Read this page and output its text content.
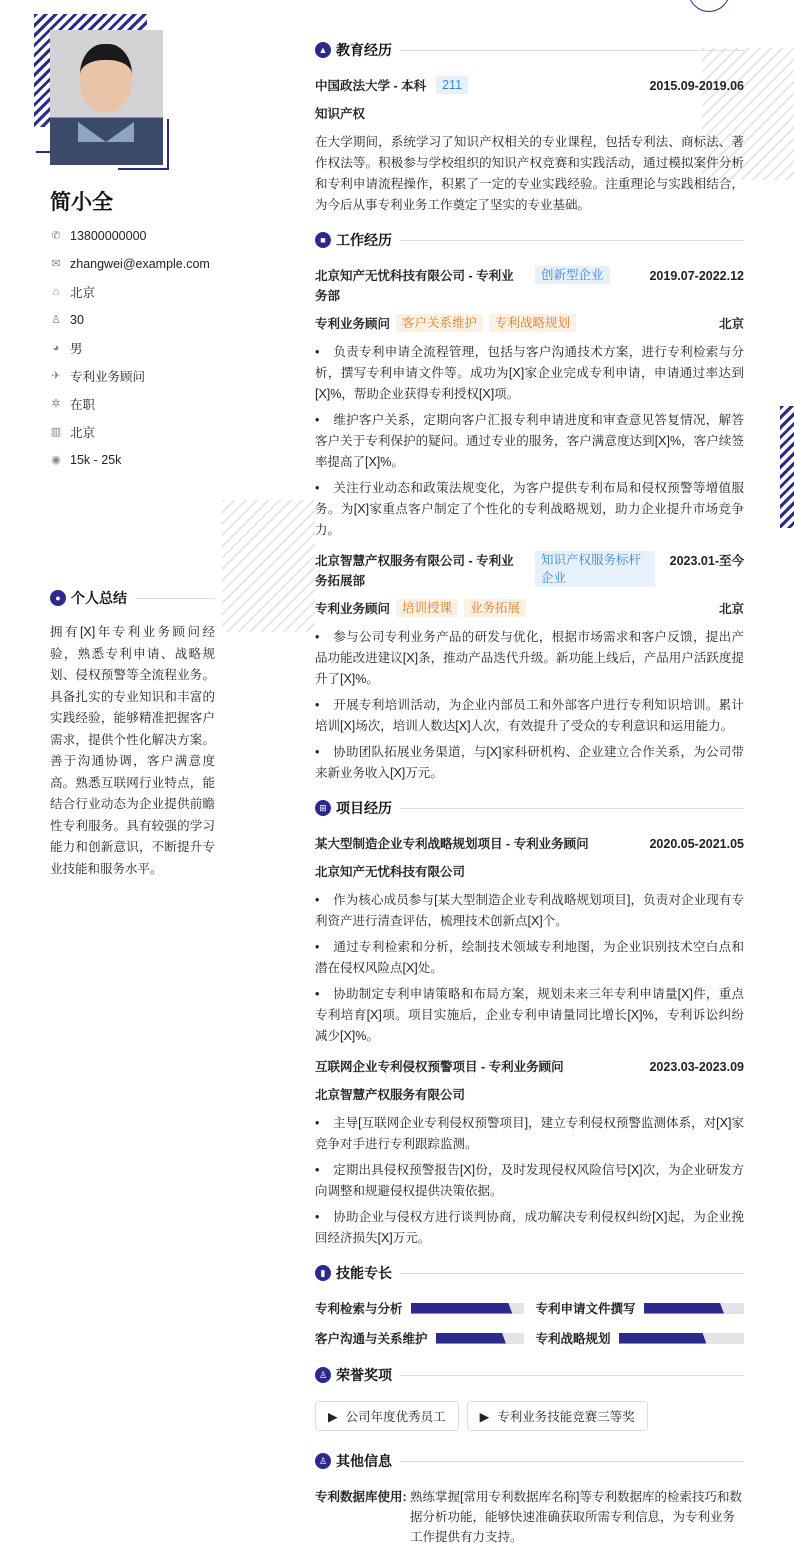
简小全
✆ 13800000000
✉ zhangwei@example.com
⌂ 北京
♙ 30
◕ 男
✈ 专利业务顾问
✲ 在职
▥ 北京
◉ 15k - 25k
● 个人总结

拥有[X]年专利业务顾问经验，熟悉专利申请、战略规划、侵权预警等全流程业务。具备扎实的专业知识和丰富的实践经验，能够精准把握客户需求，提供个性化解决方案。善于沟通协调，客户满意度高。熟悉互联网行业特点，能结合行业动态为企业提供前瞻性专利服务。具有较强的学习能力和创新意识，不断提升专业技能和服务水平。

▲ 教育经历
中国政法大学 - 本科	211	2015.09-2019.06
知识产权
在大学期间，系统学习了知识产权相关的专业课程，包括专利法、商标法、著作权法等。积极参与学校组织的知识产权竞赛和实践活动，通过模拟案件分析和专利申请流程操作，积累了一定的专业实践经验。注重理论与实践相结合，为今后从事专利业务工作奠定了坚实的专业基础。
■ 工作经历
北京知产无忧科技有限公司 - 专利业务部
创新型企业	2019.07-2022.12
专利业务顾问 客户关系维护	专利战略规划	北京
• 负责专利申请全流程管理，包括与客户沟通技术方案，进行专利检索与分析，撰写专利申请文件等。成功为[X]家企业完成专利申请，申请通过率达到[X]%，帮助企业获得专利授权[X]项。
• 维护客户关系，定期向客户汇报专利申请进度和审查意见答复情况，解答客户关于专利保护的疑问。通过专业的服务，客户满意度达到[X]%，客户续签率提高了[X]%。
• 关注行业动态和政策法规变化，为客户提供专利布局和侵权预警等增值服务。为[X]家重点客户制定了个性化的专利战略规划，助力企业提升市场竞争力。
北京智慧产权服务有限公司 - 专利业务拓展部
知识产权服务标杆企业
2023.01-至今
专利业务顾问 培训授课	业务拓展	北京
• 参与公司专利业务产品的研发与优化，根据市场需求和客户反馈，提出产品功能改进建议[X]条，推动产品迭代升级。新功能上线后，产品用户活跃度提升了[X]%。
• 开展专利培训活动，为企业内部员工和外部客户进行专利知识培训。累计培训[X]场次，培训人数达[X]人次，有效提升了受众的专利意识和运用能力。
• 协助团队拓展业务渠道，与[X]家科研机构、企业建立合作关系，为公司带来新业务收入[X]万元。
⊞ 项目经历
某大型制造企业专利战略规划项目 - 专利业务顾问	2020.05-2021.05
北京知产无忧科技有限公司
• 作为核心成员参与[某大型制造企业专利战略规划项目]，负责对企业现有专利资产进行清查评估，梳理技术创新点[X]个。
• 通过专利检索和分析，绘制技术领域专利地图，为企业识别技术空白点和潜在侵权风险点[X]处。
• 协助制定专利申请策略和布局方案，规划未来三年专利申请量[X]件，重点专利培育[X]项。项目实施后，企业专利申请量同比增长[X]%，专利诉讼纠纷减少[X]%。
互联网企业专利侵权预警项目 - 专利业务顾问	2023.03-2023.09
北京智慧产权服务有限公司
• 主导[互联网企业专利侵权预警项目]，建立专利侵权预警监测体系，对[X]家竞争对手进行专利跟踪监测。
• 定期出具侵权预警报告[X]份，及时发现侵权风险信号[X]次，为企业研发方向调整和规避侵权提供决策依据。
• 协助企业与侵权方进行谈判协商，成功解决专利侵权纠纷[X]起，为企业挽回经济损失[X]万元。
▮ 技能专长
专利检索与分析	专利申请文件撰写
客户沟通与关系维护	专利战略规划
♙ 荣誉奖项
▶ 公司年度优秀员工	▶ 专利业务技能竞赛三等奖
♙ 其他信息
专利数据库使用: 熟练掌握[常用专利数据库名称]等专利数据库的检索技巧和数据分析功能，能够快速准确获取所需专利信息，为专利业务工作提供有力支持。
